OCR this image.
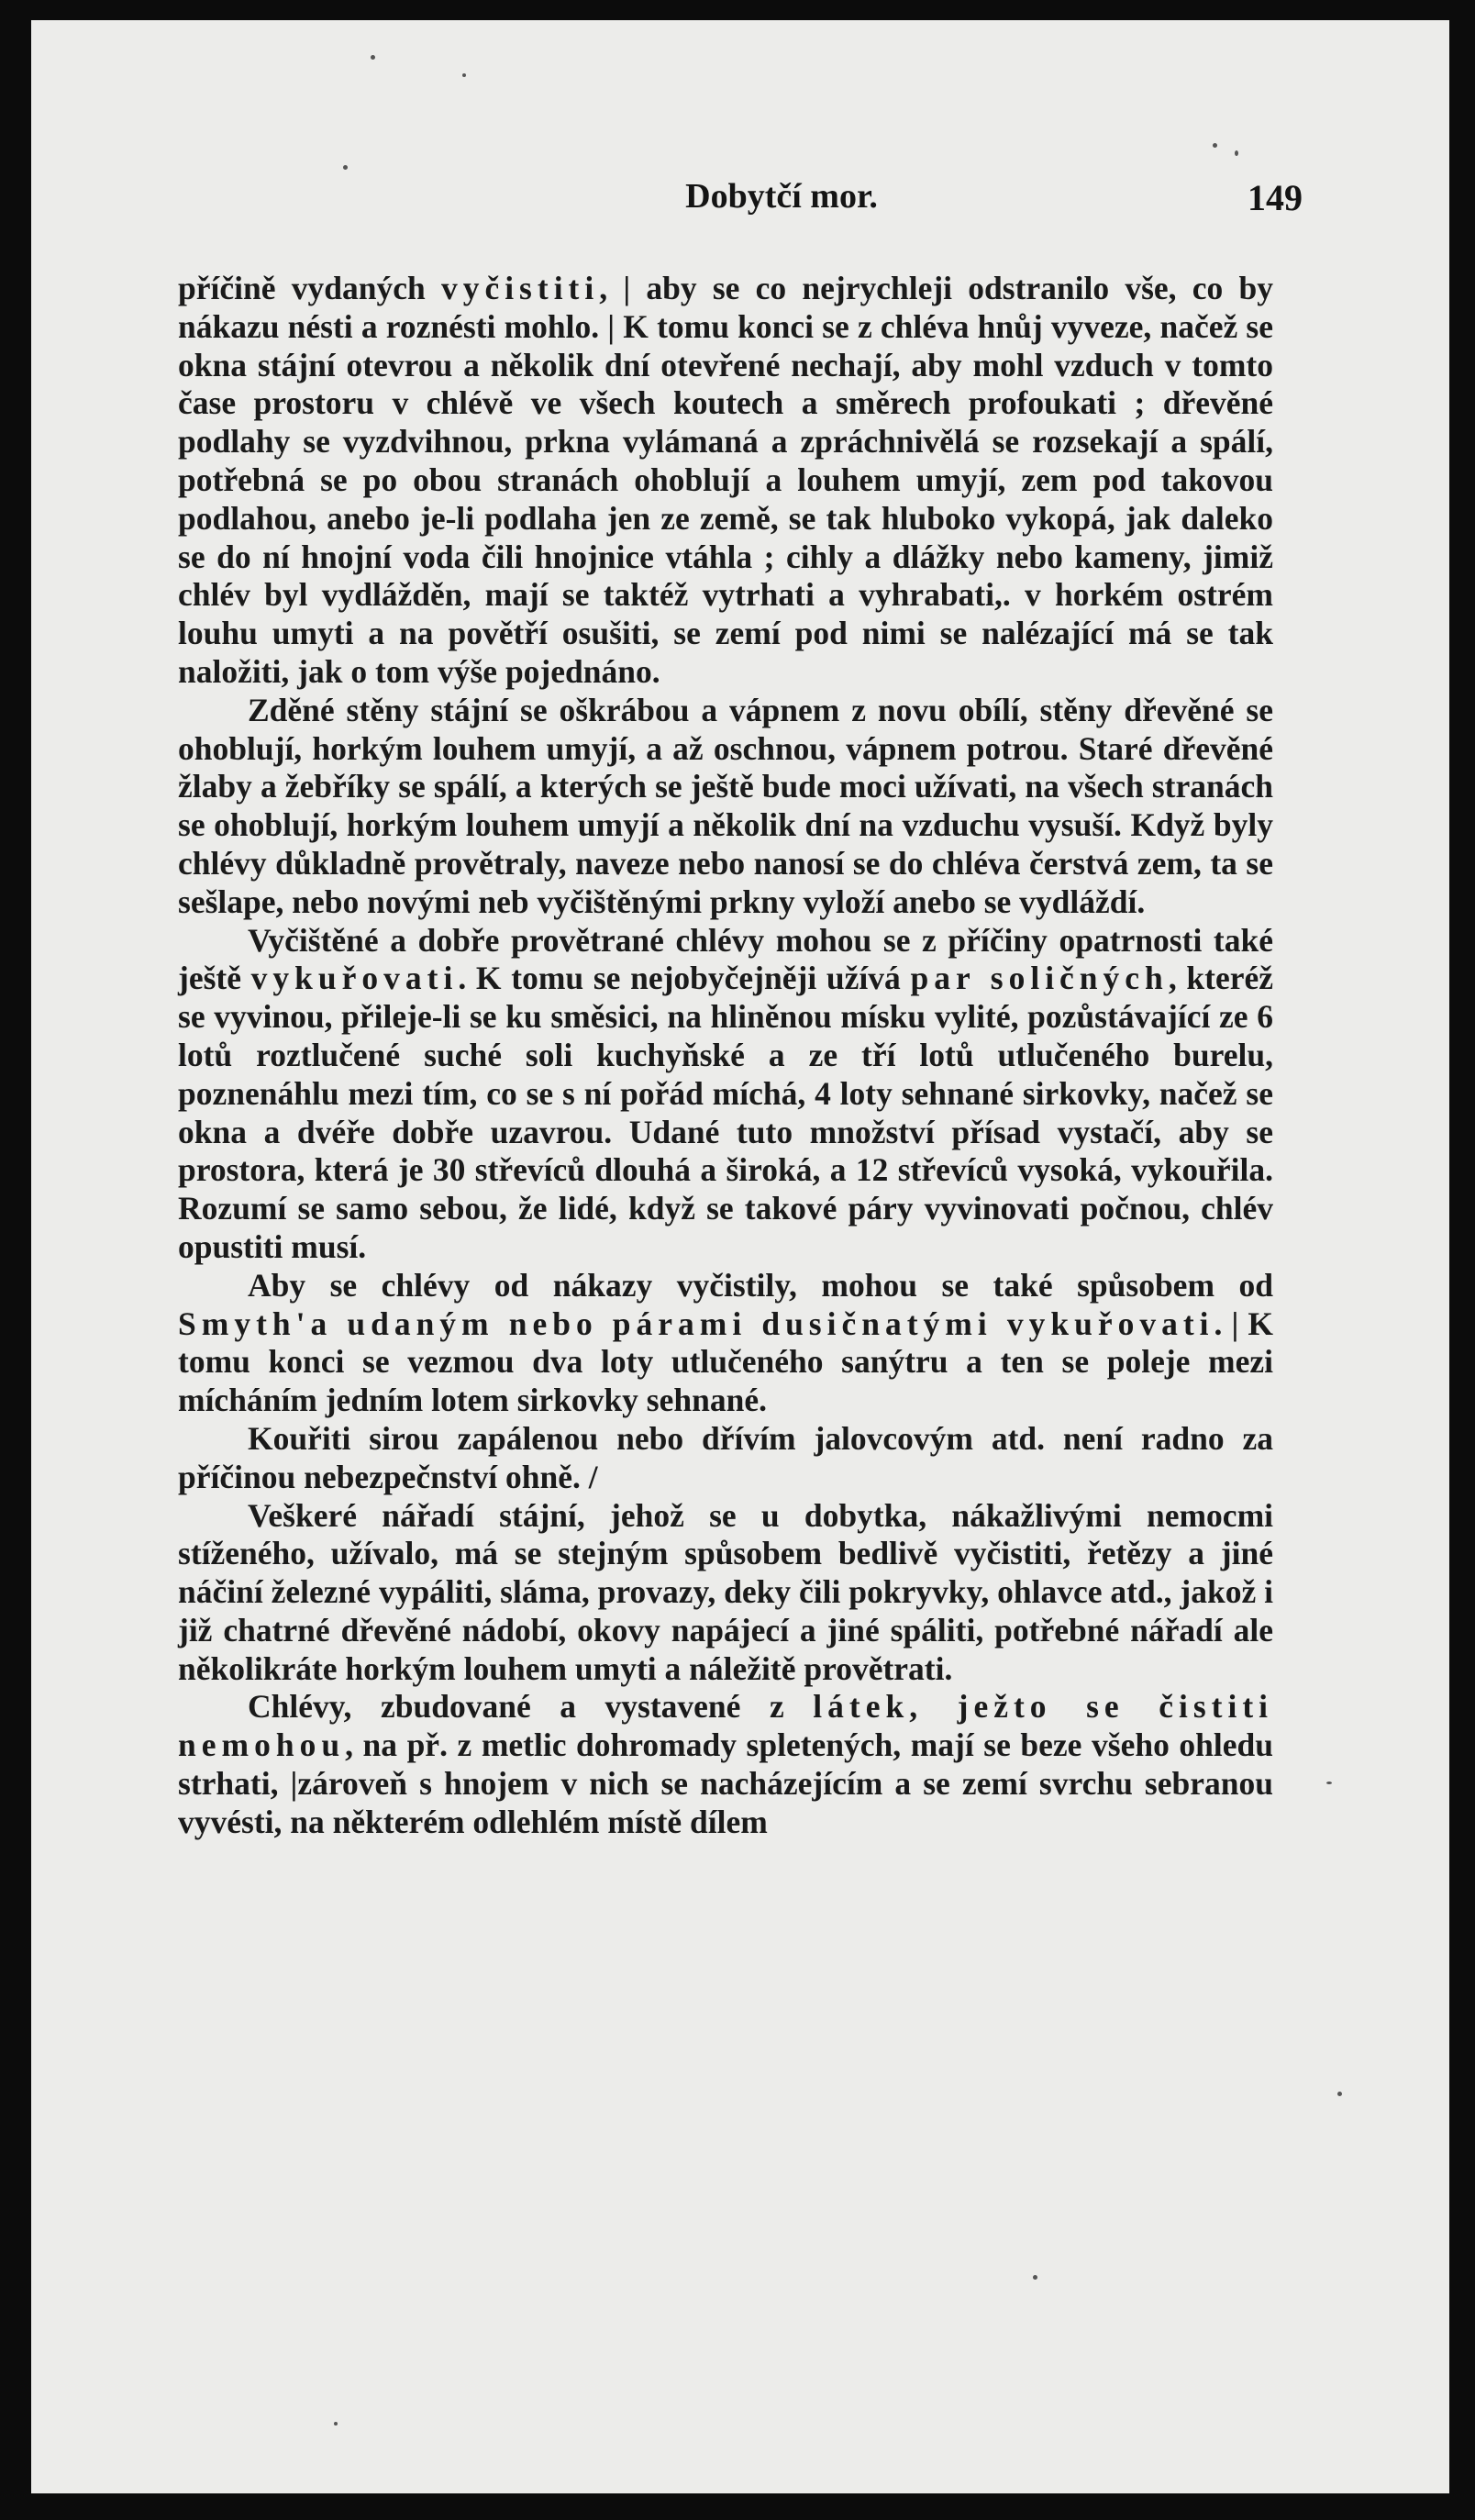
Dobytčí mor.	149

příčině vydaných vyčistiti, | aby se co nejrychleji odstranilo vše, co by nákazu nésti a roznésti mohlo. | K tomu konci se z chléva hnůj vyveze, načež se okna stájní otevrou a několik dní otevřené nechají, aby mohl vzduch v tomto čase prostoru v chlévě ve všech koutech a směrech profoukati ; dřevěné podlahy se vyzdvihnou, prkna vylámaná a zpráchnivělá se rozsekají a spálí, potřebná se po obou stranách ohoblují a louhem umyjí, zem pod takovou podlahou, anebo je-li podlaha jen ze země, se tak hluboko vykopá, jak daleko se do ní hnojní voda čili hnojnice vtáhla ; cihly a dlážky nebo kameny, jimiž chlév byl vydlážděn, mají se taktéž vytrhati a vyhrabati,. v horkém ostrém louhu umyti a na povětří osušiti, se zemí pod nimi se nalézající má se tak naložiti, jak o tom výše pojednáno.

Zděné stěny stájní se oškrábou a vápnem z novu obílí, stěny dřevěné se ohoblují, horkým louhem umyjí, a až oschnou, vápnem potrou. Staré dřevěné žlaby a žebříky se spálí, a kterých se ještě bude moci užívati, na všech stranách se ohoblují, horkým louhem umyjí a několik dní na vzduchu vysuší. Když byly chlévy důkladně provětraly, naveze nebo nanosí se do chléva čerstvá zem, ta se sešlape, nebo novými neb vyčištěnými prkny vyloží anebo se vydláždí.

Vyčištěné a dobře provětrané chlévy mohou se z příčiny opatrnosti také ještě vykuřovati. K tomu se nejobyčejněji užívá par soličných, kteréž se vyvinou, přileje-li se ku směsici, na hliněnou mísku vylité, pozůstávající ze 6 lotů roztlučené suché soli kuchyňské a ze tří lotů utlučeného burelu, poznenáhlu mezi tím, co se s ní pořád míchá, 4 loty sehnané sirkovky, načež se okna a dvéře dobře uzavrou. Udané tuto množství přísad vystačí, aby se prostora, která je 30 střevíců dlouhá a široká, a 12 střevíců vysoká, vykouřila. Rozumí se samo sebou, že lidé, když se takové páry vyvinovati počnou, chlév opustiti musí.

Aby se chlévy od nákazy vyčistily, mohou se také spůsobem od Smyth'a udaným nebo párami dusičnatými vykuřovati. | K tomu konci se vezmou dva loty utlučeného sanýtru a ten se poleje mezi mícháním jedním lotem sirkovky sehnané.

Kouřiti sirou zapálenou nebo dřívím jalovcovým atd. není radno za příčinou nebezpečnství ohně. /

Veškeré nářadí stájní, jehož se u dobytka, nákažlivými nemocmi stíženého, užívalo, má se stejným spůsobem bedlivě vyčistiti, řetězy a jiné náčiní železné vypáliti, sláma, provazy, deky čili pokryvky, ohlavce atd., jakož i již chatrné dřevěné nádobí, okovy napájecí a jiné spáliti, potřebné nářadí ale několikráte horkým louhem umyti a náležitě provětrati.

Chlévy, zbudované a vystavené z látek, ježto se čistiti nemohou, na př. z metlic dohromady spletených, mají se beze všeho ohledu strhati, |zároveň s hnojem v nich se nacházejícím a se zemí svrchu sebranou vyvésti, na některém odlehlém místě dílem
